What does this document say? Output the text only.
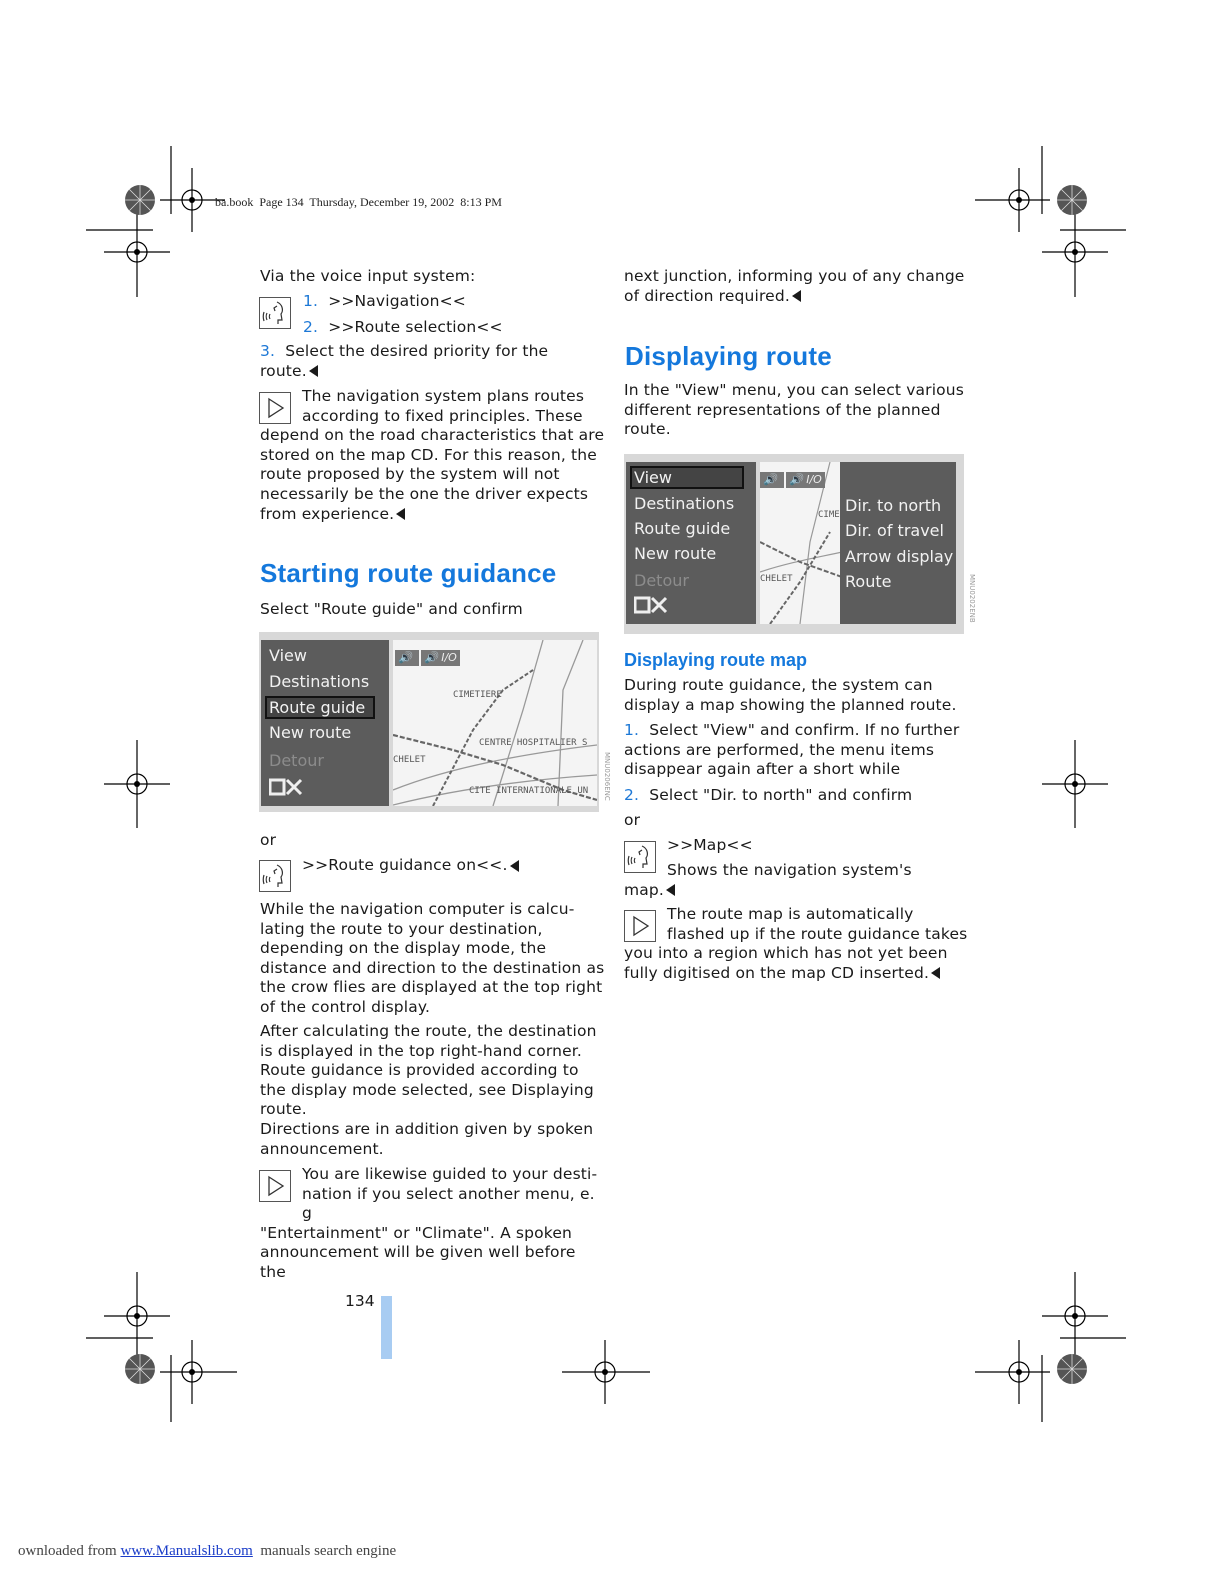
ba.book  Page 134  Thursday, December 19, 2002  8:13 PM

Via the voice input system:

1. >>Navigation<<

2. >>Route selection<<

3. Select the desired priority for the route.

The navigation system plans routes

according to fixed principles. These

depend on the road characteristics that are

stored on the map CD. For this reason, the

route proposed by the system will not

necessarily be the one the driver expects

from experience.

Starting route guidance

Select "Route guide" and confirm

View
Destinations
Route guide
New route
Detour
CIMETIERE
CENTRE HOSPITALIER S
CHELET
CITE INTERNATIONALE UN
🔊	🔊 I/O
MNU0206ENC

or

>>Route guidance on<<.

While the navigation computer is calcu-

lating the route to your destination,

depending on the display mode, the

distance and direction to the destination as

the crow flies are displayed at the top right

of the control display.

After calculating the route, the destination

is displayed in the top right-hand corner.

Route guidance is provided according to

the display mode selected, see Displaying

route.

Directions are in addition given by spoken

announcement.

You are likewise guided to your desti-

nation if you select another menu, e. g

"Entertainment" or "Climate". A spoken

announcement will be given well before the

next junction, informing you of any change

of direction required.

Displaying route

In the "View" menu, you can select various

different representations of the planned

route.

View
Destinations
Route guide
New route
Detour
CIME
CHELET
🔊	🔊 I/O
Dir. to north
Dir. of travel
Arrow display
Route	MNU0202ENB
Displaying route map

During route guidance, the system can

display a map showing the planned route.

1. Select "View" and confirm. If no further

actions are performed, the menu items

disappear again after a short while

2. Select "Dir. to north" and confirm

or

>>Map<<

Shows the navigation system's

map.

The route map is automatically

flashed up if the route guidance takes

you into a region which has not yet been

fully digitised on the map CD inserted.

134
ownloaded from www.Manualslib.com  manuals search engine
